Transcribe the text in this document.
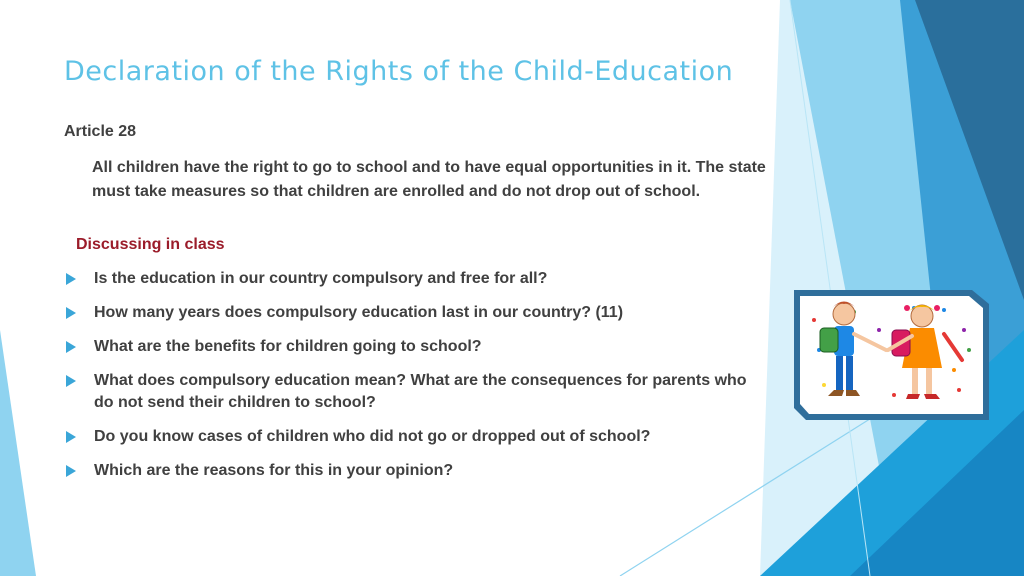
Declaration of the Rights of the Child-Education
Article 28
All children have the right to go to school and to have equal opportunities in it. The state must take measures so that children are enrolled and do not drop out of school.
Discussing in class
Is the education in our country compulsory and free for all?
How many years does compulsory education last in our country? (11)
What are the benefits for children going to school?
What does compulsory education mean? What are the consequences for parents who do not send their children to school?
Do you know cases of children who did not go or dropped out of school?
Which are the reasons for this in your opinion?
